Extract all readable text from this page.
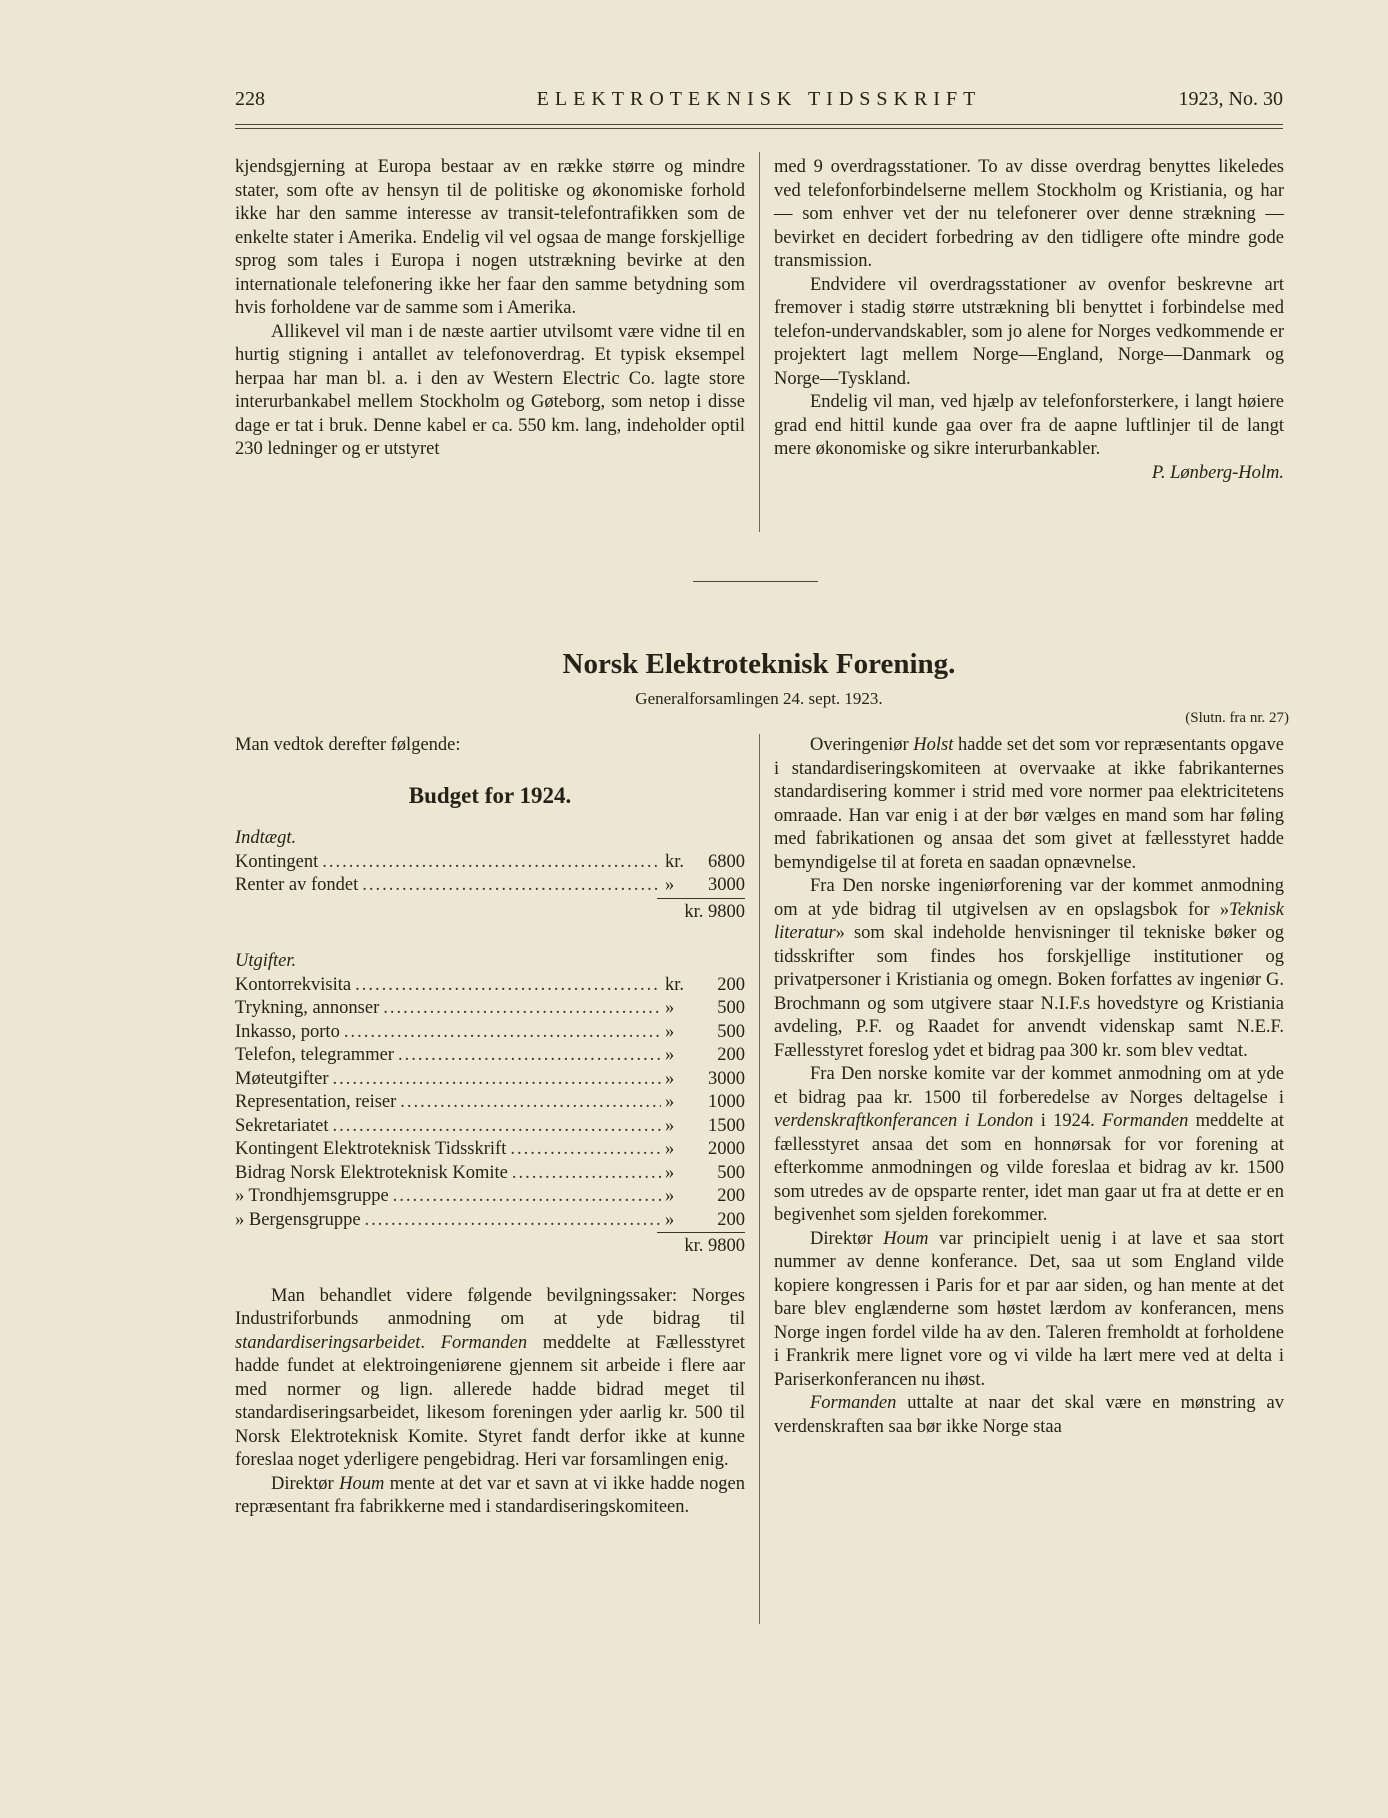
228	ELEKTROTEKNISK TIDSSKRIFT	1923, No. 30

kjendsgjerning at Europa bestaar av en række større og mindre stater, som ofte av hensyn til de politiske og økonomiske forhold ikke har den samme interesse av transit-telefontrafikken som de enkelte stater i Amerika. Endelig vil vel ogsaa de mange forskjellige sprog som tales i Europa i nogen utstrækning bevirke at den internationale telefonering ikke her faar den samme betydning som hvis forholdene var de samme som i Amerika.

Allikevel vil man i de næste aartier utvilsomt være vidne til en hurtig stigning i antallet av telefonoverdrag. Et typisk eksempel herpaa har man bl. a. i den av Western Electric Co. lagte store interurbankabel mellem Stockholm og Gøteborg, som netop i disse dage er tat i bruk. Denne kabel er ca. 550 km. lang, indeholder optil 230 ledninger og er utstyret

med 9 overdragsstationer. To av disse overdrag benyttes likeledes ved telefonforbindelserne mellem Stockholm og Kristiania, og har — som enhver vet der nu telefonerer over denne strækning — bevirket en decidert forbedring av den tidligere ofte mindre gode transmission.

Endvidere vil overdragsstationer av ovenfor beskrevne art fremover i stadig større utstrækning bli benyttet i forbindelse med telefon-undervandskabler, som jo alene for Norges vedkommende er projektert lagt mellem Norge—England, Norge—Danmark og Norge—Tyskland.

Endelig vil man, ved hjælp av telefonforsterkere, i langt høiere grad end hittil kunde gaa over fra de aapne luftlinjer til de langt mere økonomiske og sikre interurbankabler.

P. Lønberg-Holm.

Norsk Elektroteknisk Forening.
Generalforsamlingen 24. sept. 1923.
(Slutn. fra nr. 27)

Man vedtok derefter følgende:

Budget for 1924.
Indtægt.
Kontingent .....	kr.	6800
Renter av fondet .....	»	3000
kr. 9800
Utgifter.
Kontorrekvisita .....	kr.	200
Trykning, annonser .....	»	500
Inkasso, porto .....	»	500
Telefon, telegrammer .....	»	200
Møteutgifter .....	»	3000
Representation, reiser .....	»	1000
Sekretariatet .....	»	1500
Kontingent Elektroteknisk Tidsskrift .....	»	2000
Bidrag Norsk Elektroteknisk Komite .....	»	500
» Trondhjemsgruppe .....	»	200
» Bergensgruppe .....	»	200
kr. 9800

Man behandlet videre følgende bevilgningssaker: Norges Industriforbunds anmodning om at yde bidrag til standardiseringsarbeidet. Formanden meddelte at Fællesstyret hadde fundet at elektroingeniørene gjennem sit arbeide i flere aar med normer og lign. allerede hadde bidrad meget til standardiseringsarbeidet, likesom foreningen yder aarlig kr. 500 til Norsk Elektroteknisk Komite. Styret fandt derfor ikke at kunne foreslaa noget yderligere pengebidrag. Heri var forsamlingen enig.

Direktør Houm mente at det var et savn at vi ikke hadde nogen repræsentant fra fabrikkerne med i standardiseringskomiteen.

Overingeniør Holst hadde set det som vor repræsentants opgave i standardiseringskomiteen at overvaake at ikke fabrikanternes standardisering kommer i strid med vore normer paa elektricitetens omraade. Han var enig i at der bør vælges en mand som har føling med fabrikationen og ansaa det som givet at fællesstyret hadde bemyndigelse til at foreta en saadan opnævnelse.

Fra Den norske ingeniørforening var der kommet anmodning om at yde bidrag til utgivelsen av en opslagsbok for »Teknisk literatur» som skal indeholde henvisninger til tekniske bøker og tidsskrifter som findes hos forskjellige institutioner og privatpersoner i Kristiania og omegn. Boken forfattes av ingeniør G. Brochmann og som utgivere staar N.I.F.s hovedstyre og Kristiania avdeling, P.F. og Raadet for anvendt videnskap samt N.E.F. Fællesstyret foreslog ydet et bidrag paa 300 kr. som blev vedtat.

Fra Den norske komite var der kommet anmodning om at yde et bidrag paa kr. 1500 til forberedelse av Norges deltagelse i verdenskraftkonferancen i London i 1924. Formanden meddelte at fællesstyret ansaa det som en honnørsak for vor forening at efterkomme anmodningen og vilde foreslaa et bidrag av kr. 1500 som utredes av de opsparte renter, idet man gaar ut fra at dette er en begivenhet som sjelden forekommer.

Direktør Houm var principielt uenig i at lave et saa stort nummer av denne konferance. Det, saa ut som England vilde kopiere kongressen i Paris for et par aar siden, og han mente at det bare blev englænderne som høstet lærdom av konferancen, mens Norge ingen fordel vilde ha av den. Taleren fremholdt at forholdene i Frankrik mere lignet vore og vi vilde ha lært mere ved at delta i Pariserkonferancen nu ihøst.

Formanden uttalte at naar det skal være en mønstring av verdenskraften saa bør ikke Norge staa
